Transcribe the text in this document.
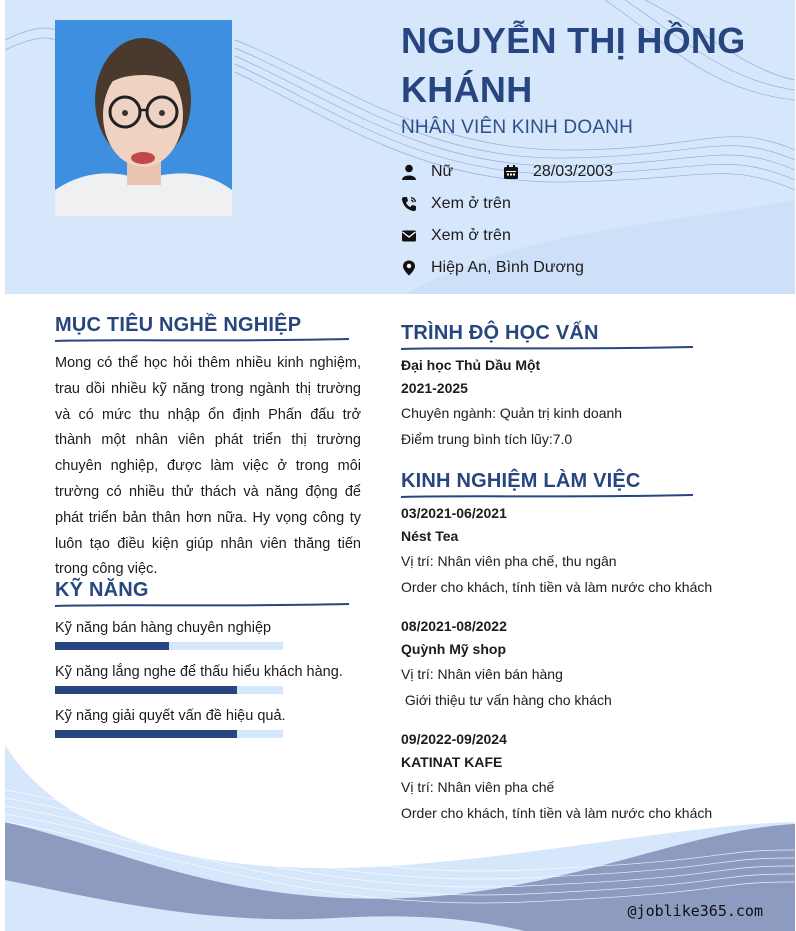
NGUYỄN THỊ HỒNG KHÁNH
NHÂN VIÊN KINH DOANH
Nữ	28/03/2003
Xem ở trên
Xem ở trên
Hiệp An, Bình Dương
MỤC TIÊU NGHỀ NGHIỆP
Mong có thể học hỏi thêm nhiều kinh nghiệm, trau dồi nhiều kỹ năng trong ngành thị trường và có mức thu nhập ổn định Phấn đấu trở thành một nhân viên phát triển thị trường chuyên nghiệp, được làm việc ở trong môi trường có nhiều thử thách và năng động để phát triển bản thân hơn nữa. Hy vọng công ty luôn tạo điều kiện giúp nhân viên thăng tiến trong công việc.
KỸ NĂNG
Kỹ năng bán hàng chuyên nghiệp
Kỹ năng lắng nghe để thấu hiểu khách hàng.
Kỹ năng giải quyết vấn đề hiệu quả.
TRÌNH ĐỘ HỌC VẤN
Đại học Thủ Dầu Một
2021-2025
Chuyên ngành: Quản trị kinh doanh
Điểm trung bình tích lũy:7.0
KINH NGHIỆM LÀM VIỆC
03/2021-06/2021
Nést Tea
Vị trí: Nhân viên pha chế, thu ngân
Order cho khách, tính tiền và làm nước cho khách
08/2021-08/2022
Quỳnh Mỹ shop
Vị trí: Nhân viên bán hàng
Giới thiệu tư vấn hàng cho khách
09/2022-09/2024
KATINAT KAFE
Vị trí: Nhân viên pha chế
Order cho khách, tính tiền và làm nước cho khách
@joblike365.com
